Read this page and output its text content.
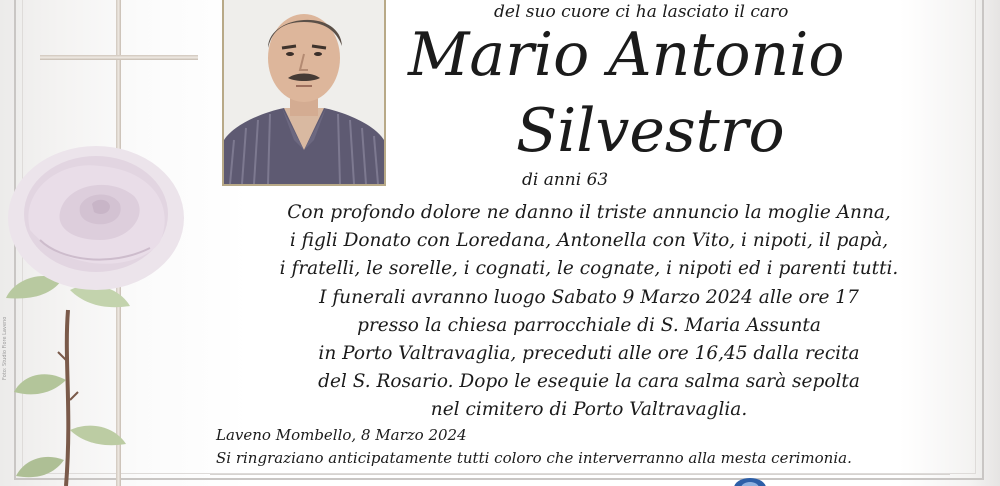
Foto: Studio Fiore Laveno
del suo cuore ci ha lasciato il caro
Mario Antonio
Silvestro
di anni 63
Con profondo dolore ne danno il triste annuncio la moglie Anna,
i figli Donato con Loredana, Antonella con Vito, i nipoti, il papà,
i fratelli, le sorelle, i cognati, le cognate, i nipoti ed i parenti tutti.
I funerali avranno luogo Sabato 9 Marzo 2024 alle ore 17
presso la chiesa parrocchiale di S. Maria Assunta
in Porto Valtravaglia, preceduti alle ore 16,45 dalla recita
del S. Rosario. Dopo le esequie la cara salma sarà sepolta
nel cimitero di Porto Valtravaglia.
Laveno Mombello, 8 Marzo 2024
Si ringraziano anticipatamente tutti coloro che interverranno alla mesta cerimonia.
